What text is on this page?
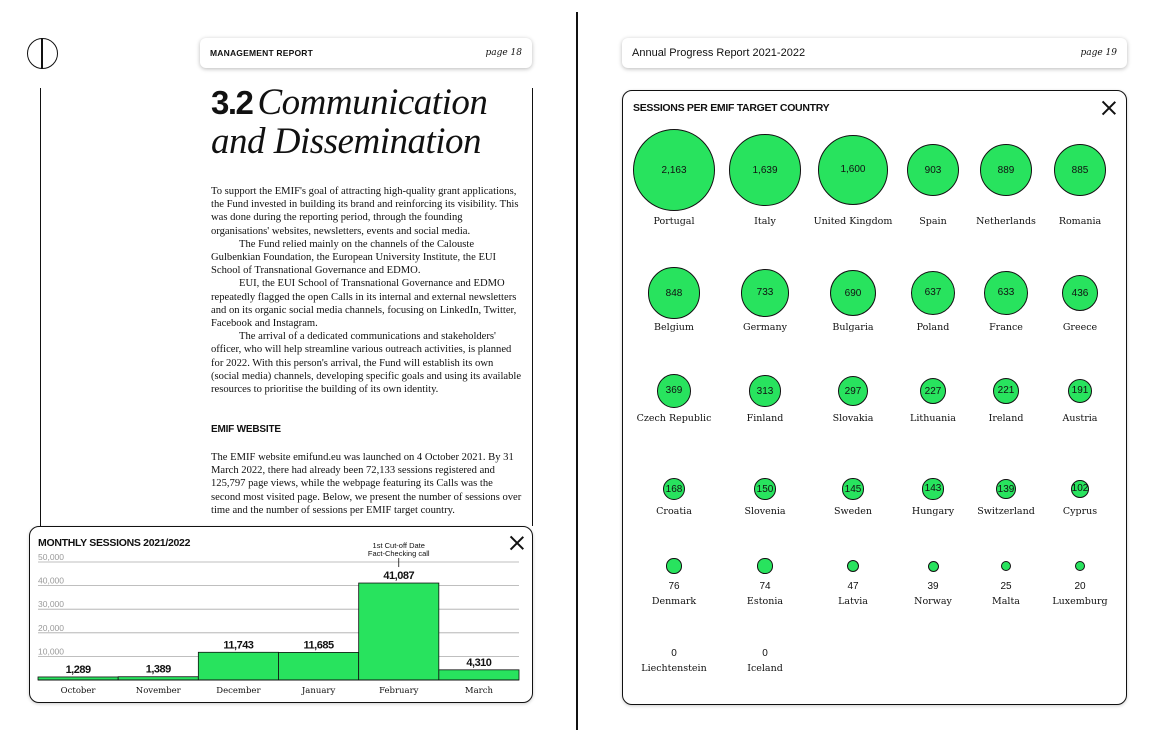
MANAGEMENT REPORT	page 18	Annual Progress Report 2021-2022	page 19
3.2 Communication
and Dissemination

To support the EMIF's goal of attracting high-quality grant applications, the Fund invested in building its brand and reinforcing its visibility. This was done during the reporting period, through the founding organisations' websites, newsletters, events and social media.

The Fund relied mainly on the channels of the Calouste Gulbenkian Foundation, the European University Institute, the EUI School of Transnational Governance and EDMO.

EUI, the EUI School of Transnational Governance and EDMO repeatedly flagged the open Calls in its internal and external newsletters and on its organic social media channels, focusing on LinkedIn, Twitter, Facebook and Instagram.

The arrival of a dedicated communications and stakeholders' officer, who will help streamline various outreach activities, is planned for 2022. With this person's arrival, the Fund will establish its own (social media) channels, developing specific goals and using its available resources to prioritise the building of its own identity.

EMIF WEBSITE

The EMIF website emifund.eu was launched on 4 October 2021. By 31 March 2022, there had already been 72,133 sessions registered and 125,797 page views, while the webpage featuring its Calls was the second most visited page. Below, we present the number of sessions over time and the number of sessions per EMIF target country.

MONTHLY SESSIONS 2021/2022
10,000
20,000
30,000
40,000
50,000
1,289
October
1,389
November
11,743
December
11,685
January
41,087
February
4,310
March
1st Cut-off Date
Fact-Checking call
SESSIONS PER EMIF TARGET COUNTRY
2,163
Portugal
1,639
Italy
1,600
United Kingdom
903
Spain
889
Netherlands
885
Romania
848
Belgium
733
Germany
690
Bulgaria
637
Poland
633
France
436
Greece
369
Czech Republic
313
Finland
297
Slovakia
227
Lithuania
221
Ireland
191
Austria
168
Croatia
150
Slovenia
145
Sweden
143
Hungary
139
Switzerland
102
Cyprus
76
Denmark
74
Estonia
47
Latvia
39
Norway
25
Malta
20
Luxemburg
0
Liechtenstein
0
Iceland
